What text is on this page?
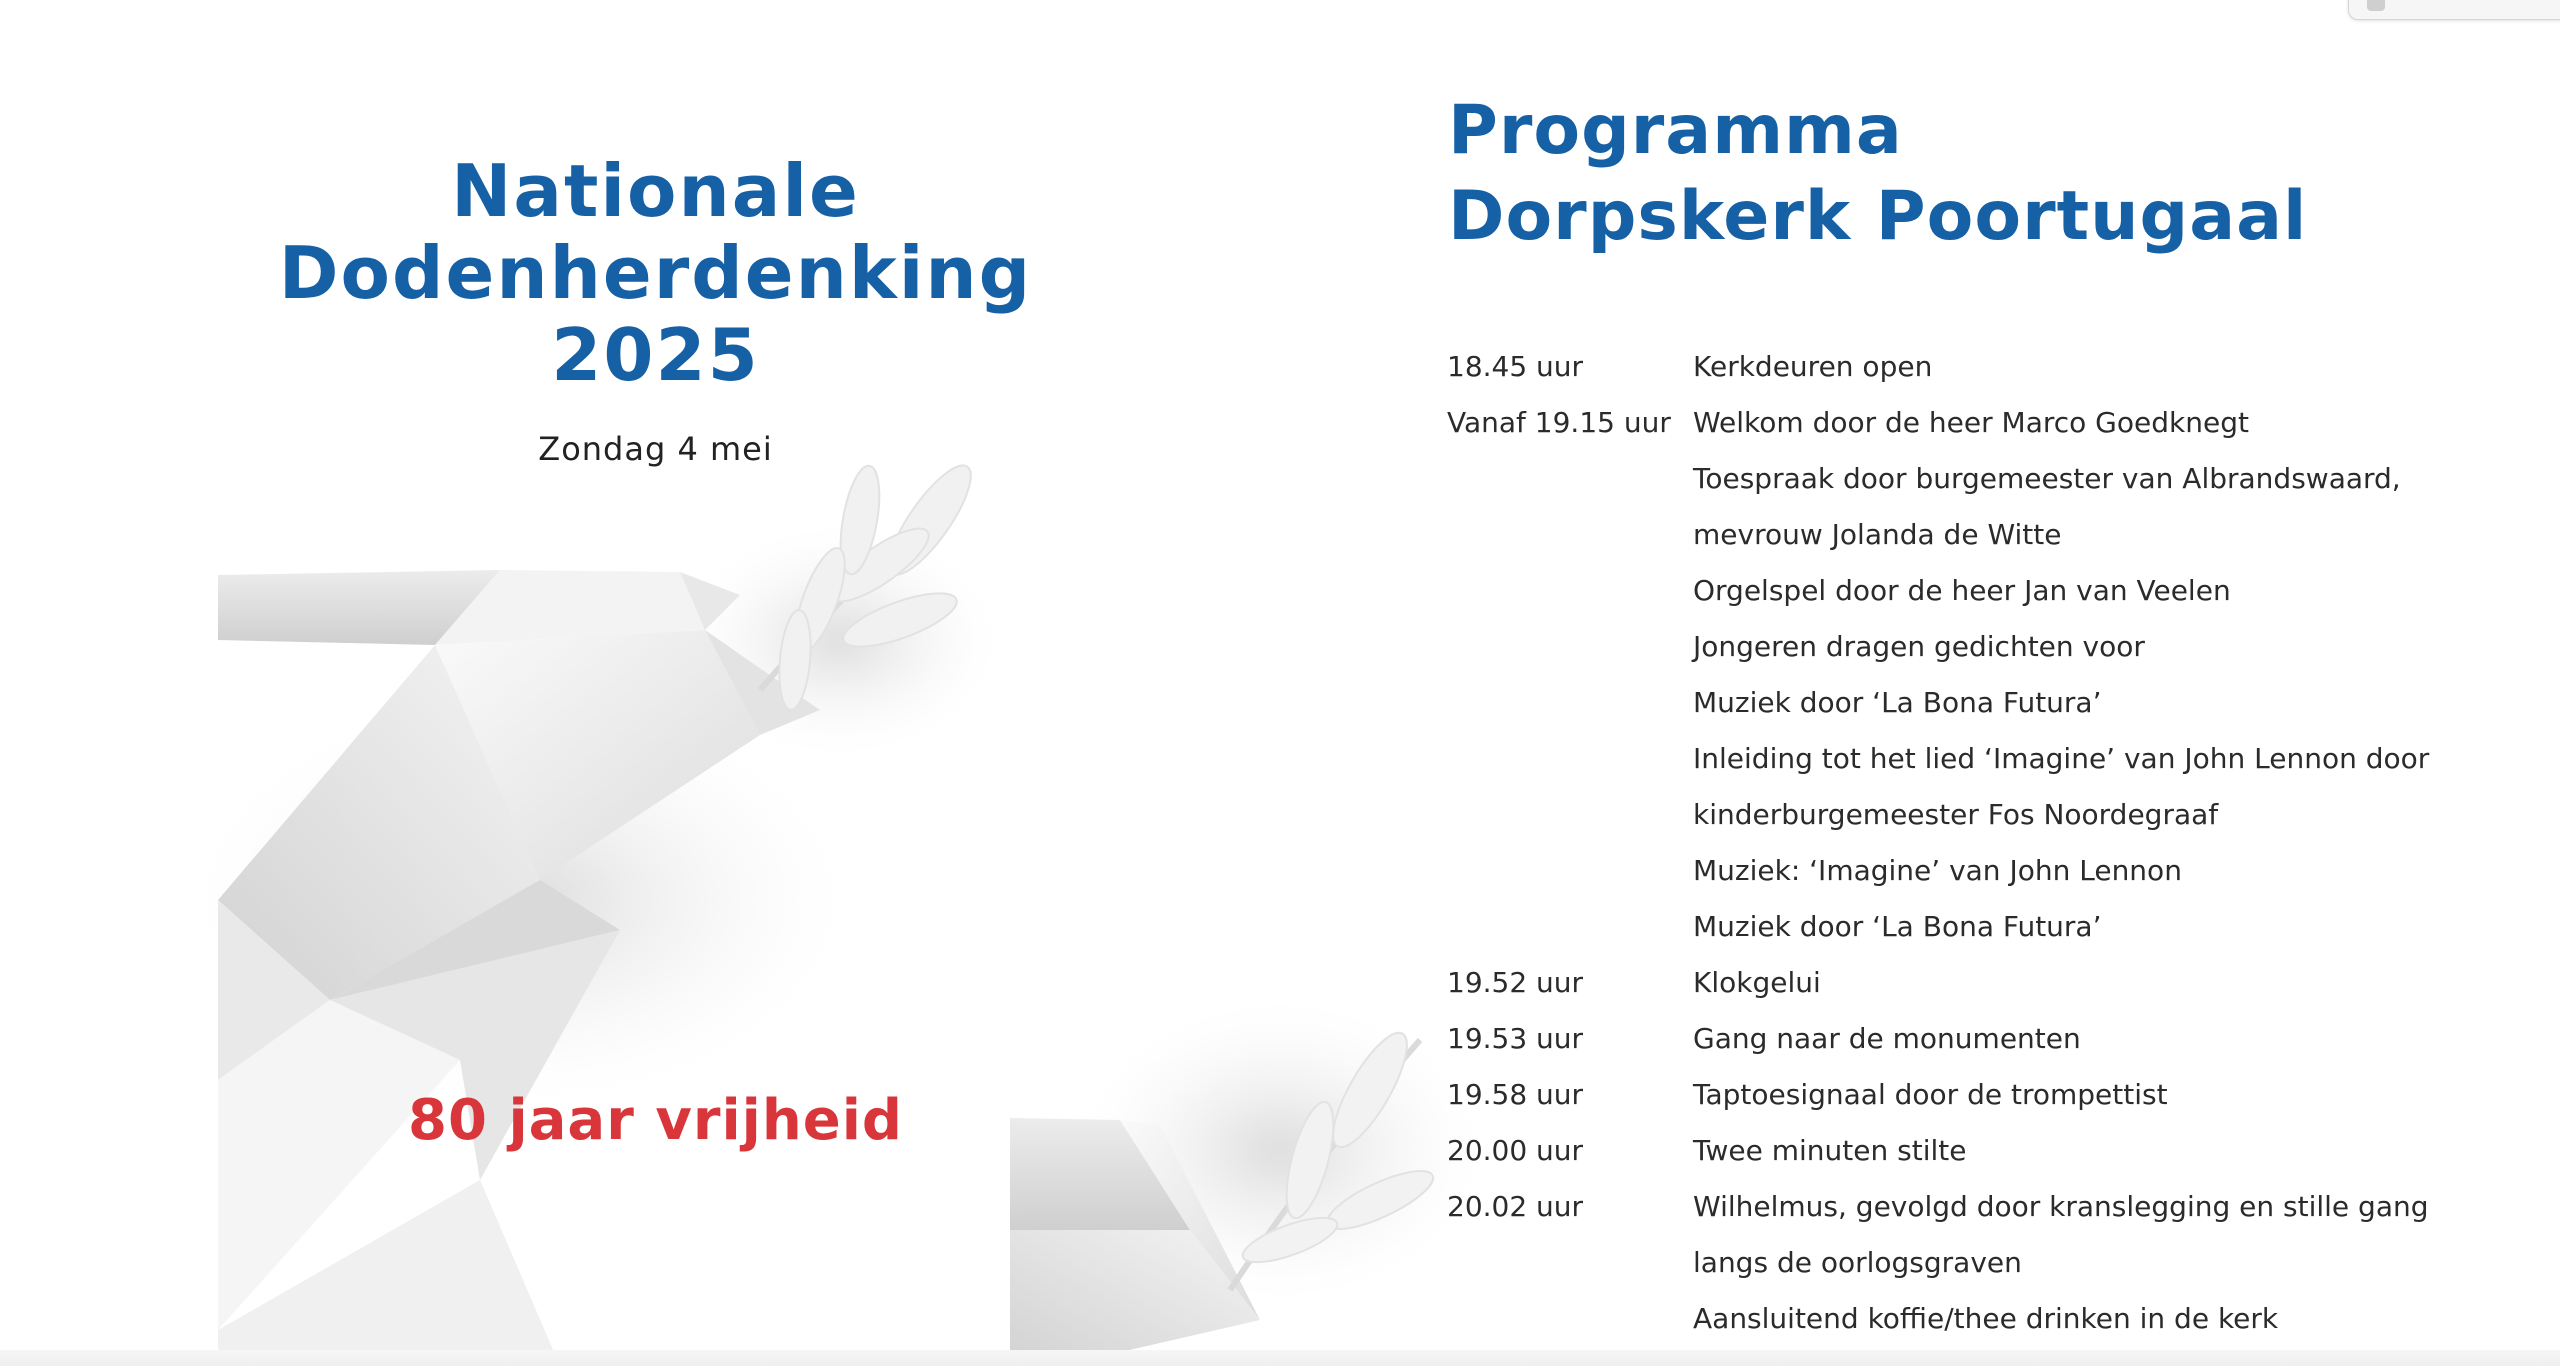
Nationale
Dodenherdenking
2025
Zondag 4 mei
80 jaar vrijheid
Programma
Dorpskerk Poortugaal
18.45 uur	Kerkdeuren open
Vanaf 19.15 uur Welkom door de heer Marco Goedknegt
Toespraak door burgemeester van Albrandswaard,
mevrouw Jolanda de Witte
Orgelspel door de heer Jan van Veelen
Jongeren dragen gedichten voor
Muziek door ‘La Bona Futura’
Inleiding tot het lied ‘Imagine’ van John Lennon door
kinderburgemeester Fos Noordegraaf
Muziek: ‘Imagine’ van John Lennon
Muziek door ‘La Bona Futura’
19.52 uur	Klokgelui
19.53 uur	Gang naar de monumenten
19.58 uur	Taptoesignaal door de trompettist
20.00 uur	Twee minuten stilte
20.02 uur	Wilhelmus, gevolgd door kranslegging en stille gang
langs de oorlogsgraven
Aansluitend koffie/thee drinken in de kerk
